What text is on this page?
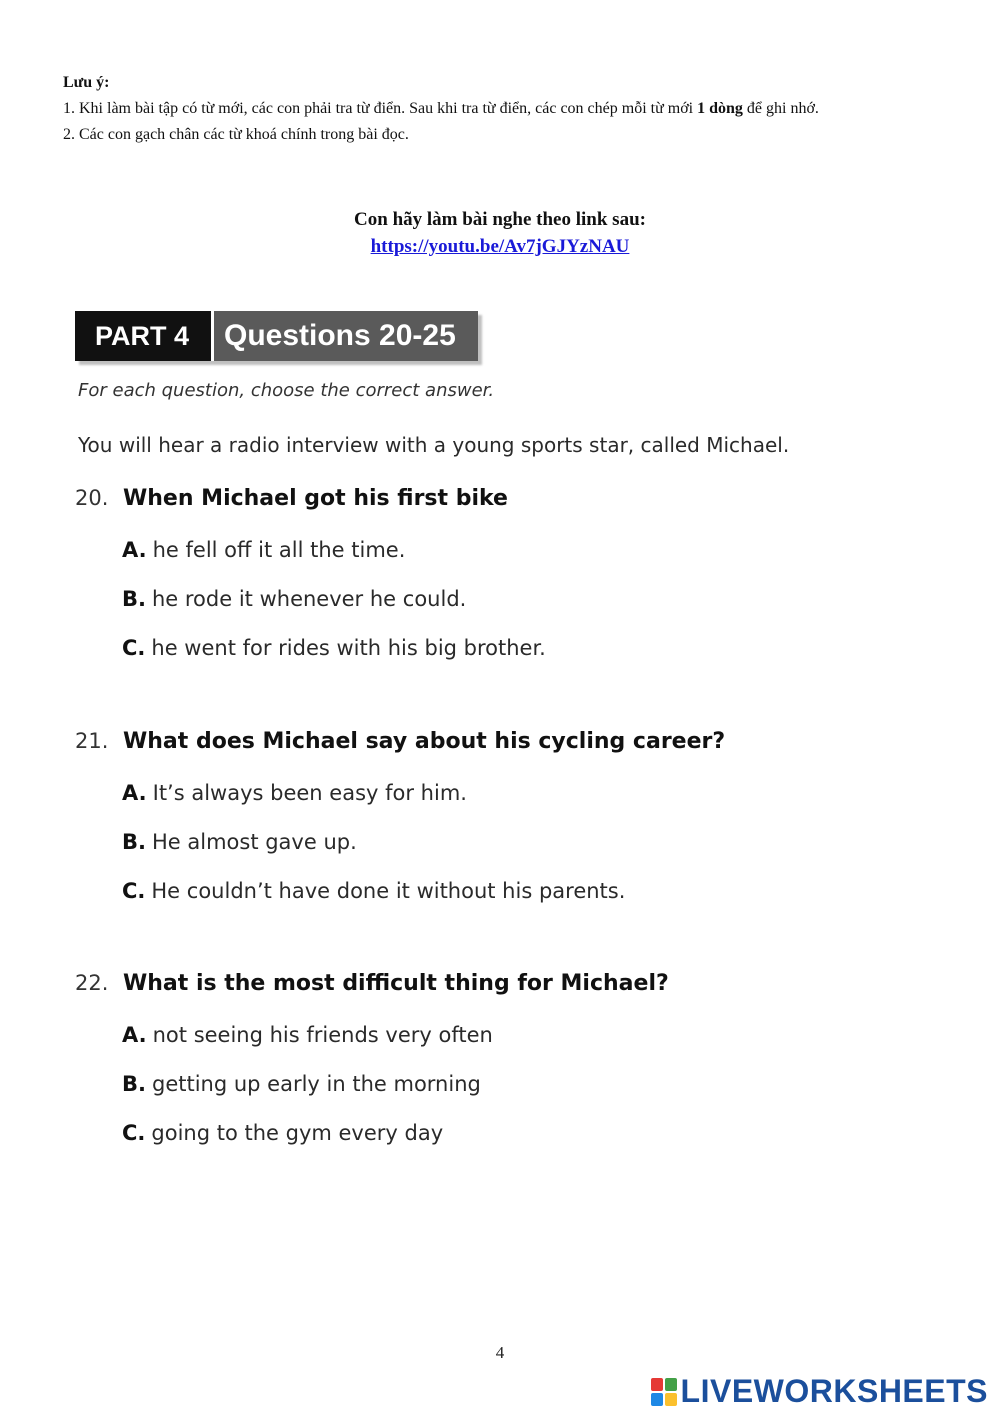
Lưu ý:
1. Khi làm bài tập có từ mới, các con phải tra từ điển. Sau khi tra từ điển, các con chép mỗi từ mới 1 dòng để ghi nhớ.
2. Các con gạch chân các từ khoá chính trong bài đọc.
Con hãy làm bài nghe theo link sau:
https://youtu.be/Av7jGJYzNAU
PART 4	Questions 20-25
For each question, choose the correct answer.
You will hear a radio interview with a young sports star, called Michael.
20. When Michael got his first bike
A. he fell off it all the time.
B. he rode it whenever he could.
C. he went for rides with his big brother.
21. What does Michael say about his cycling career?
A. It’s always been easy for him.
B. He almost gave up.
C. He couldn’t have done it without his parents.
22. What is the most difficult thing for Michael?
A. not seeing his friends very often
B. getting up early in the morning
C. going to the gym every day
4
LIVEWORKSHEETS
